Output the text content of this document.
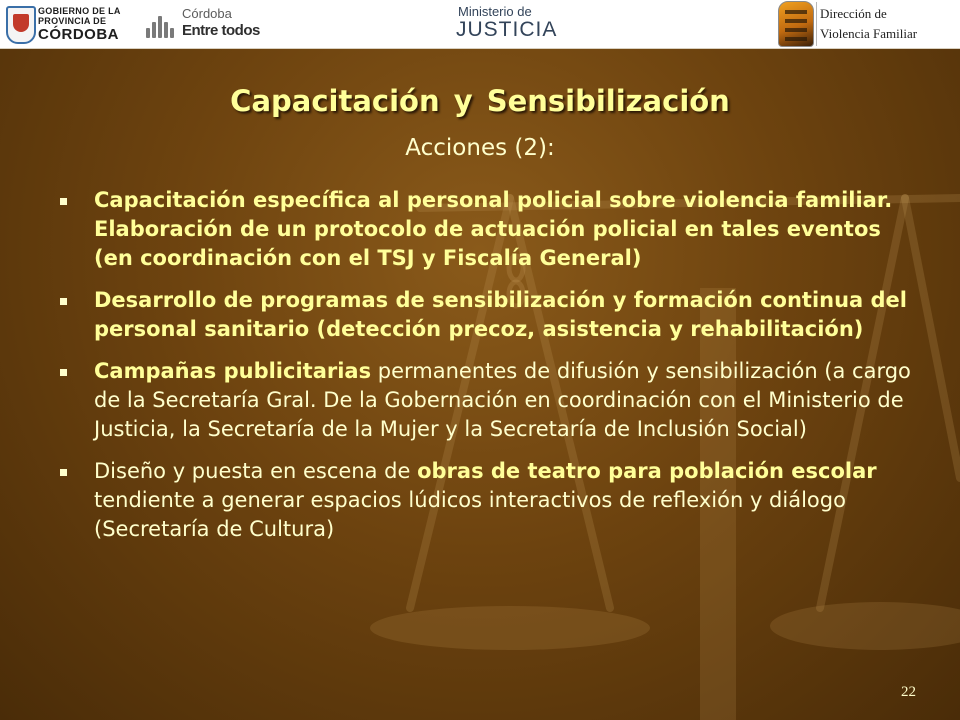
GOBIERNO DE LA
PROVINCIA DE
CÓRDOBA
Córdoba
Entre todos
Ministerio de
JUSTICIA
Dirección de
Violencia Familiar
Capacitación y Sensibilización
Acciones (2):
Capacitación específica al personal policial sobre violencia familiar. Elaboración de un protocolo de actuación policial en tales eventos (en coordinación con el TSJ y Fiscalía General)
Desarrollo de programas de sensibilización y formación continua del personal sanitario (detección precoz, asistencia y rehabilitación)
Campañas publicitarias permanentes de difusión y sensibilización (a cargo de la Secretaría Gral. De la Gobernación en coordinación con el Ministerio de Justicia, la Secretaría de la Mujer y la Secretaría de Inclusión Social)
Diseño y puesta en escena de obras de teatro para población escolar tendiente a generar espacios lúdicos interactivos de reflexión y diálogo (Secretaría de Cultura)
22
